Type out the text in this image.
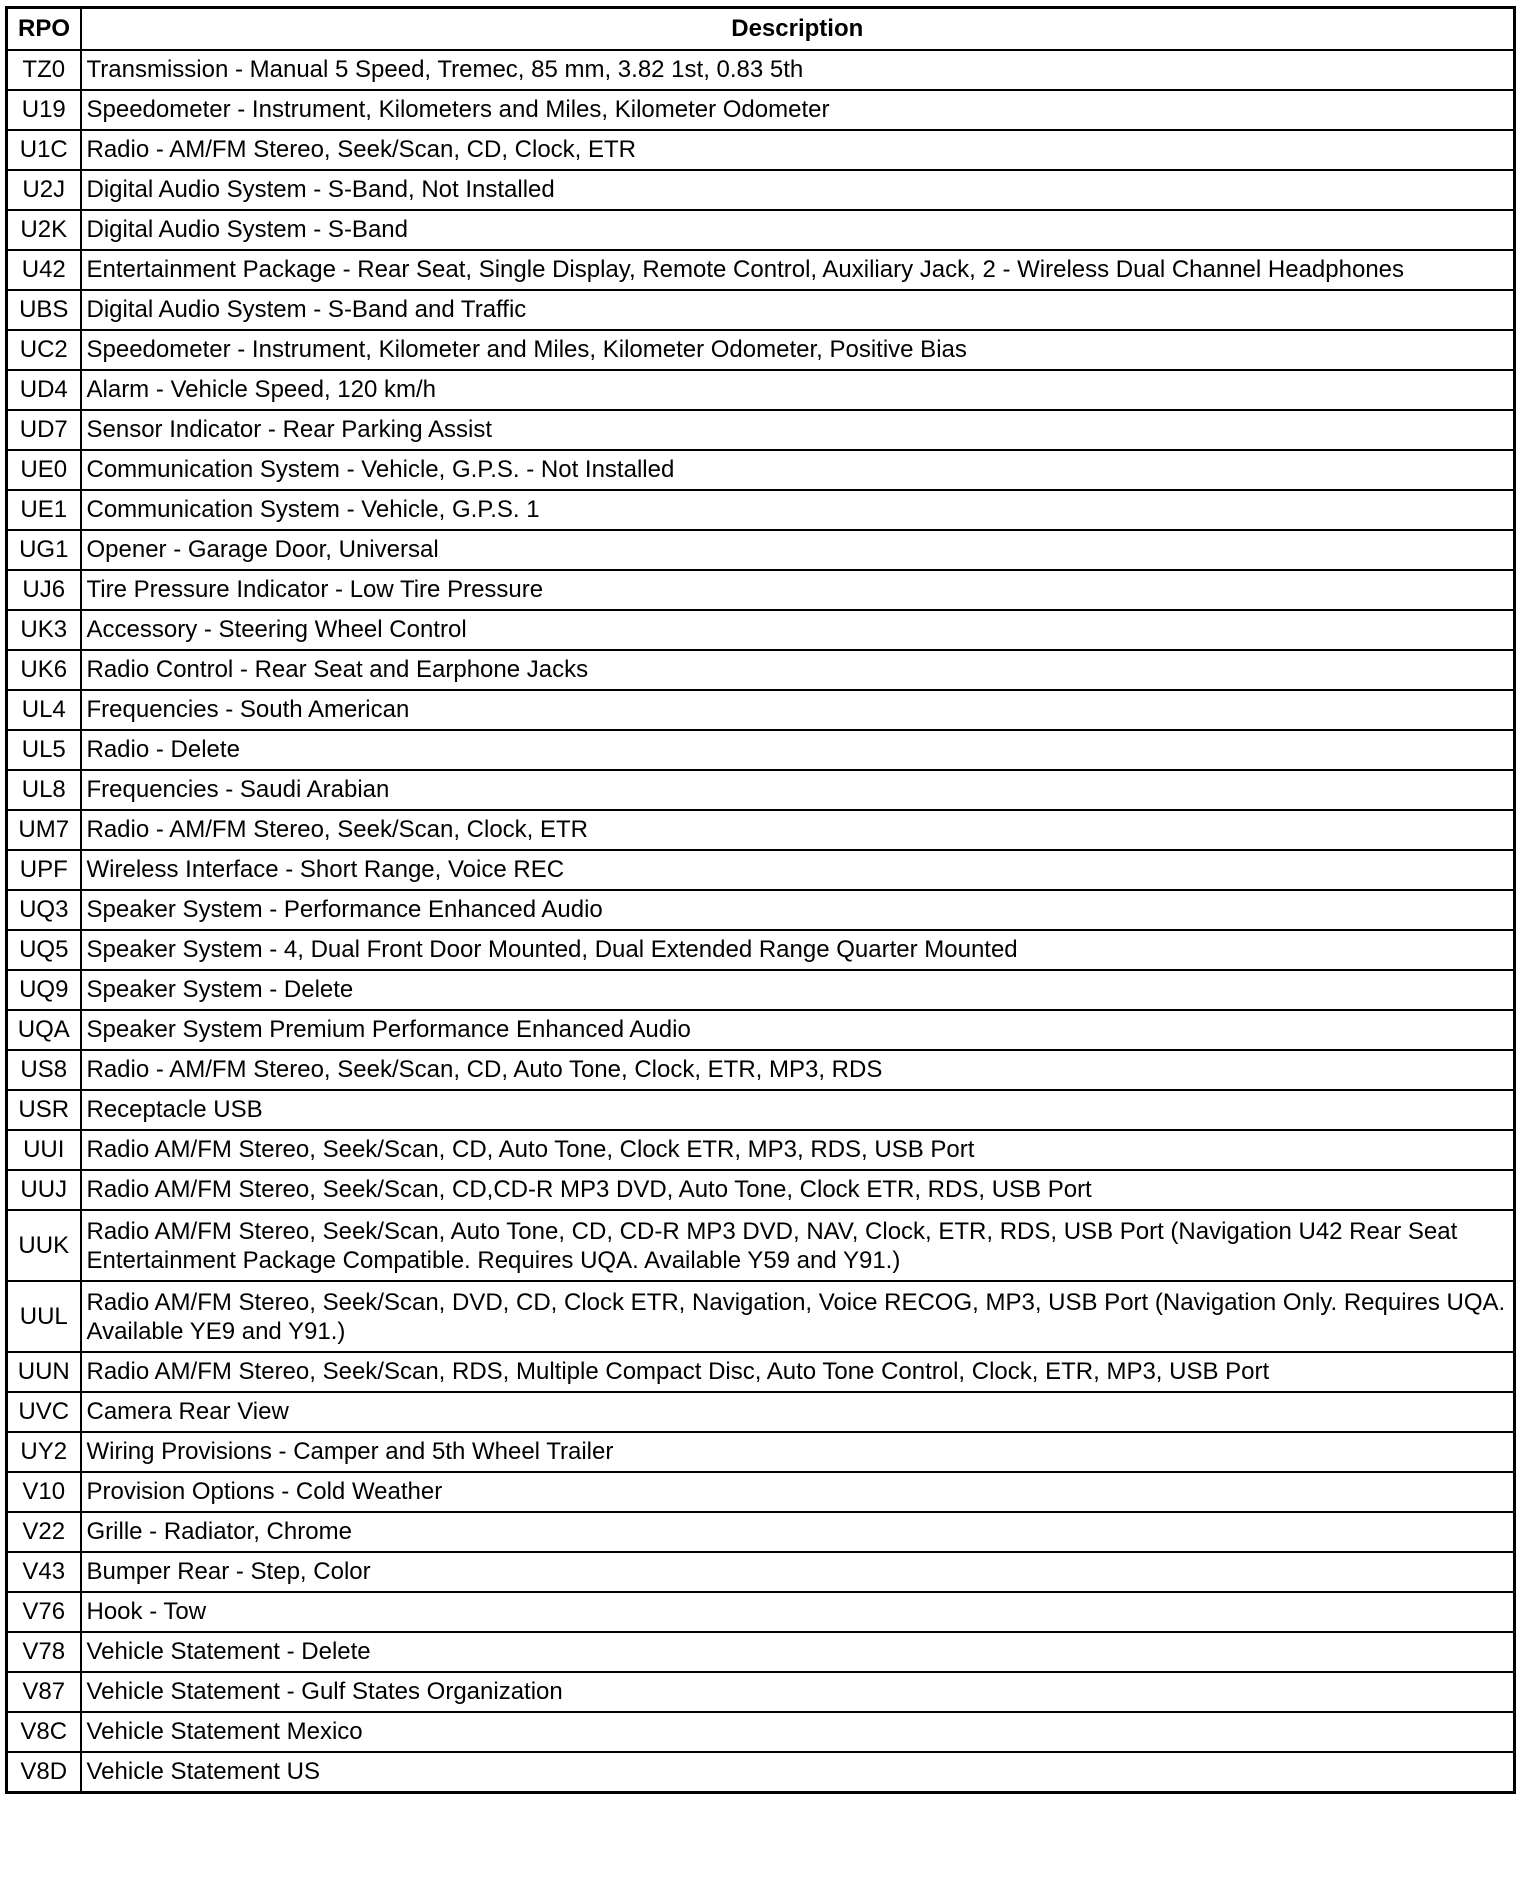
RPO	Description
TZ0	Transmission - Manual 5 Speed, Tremec, 85 mm, 3.82 1st, 0.83 5th
U19	Speedometer - Instrument, Kilometers and Miles, Kilometer Odometer
U1C	Radio - AM/FM Stereo, Seek/Scan, CD, Clock, ETR
U2J	Digital Audio System - S-Band, Not Installed
U2K	Digital Audio System - S-Band
U42	Entertainment Package - Rear Seat, Single Display, Remote Control, Auxiliary Jack, 2 - Wireless Dual Channel Headphones
UBS	Digital Audio System - S-Band and Traffic
UC2	Speedometer - Instrument, Kilometer and Miles, Kilometer Odometer, Positive Bias
UD4	Alarm - Vehicle Speed, 120 km/h
UD7	Sensor Indicator - Rear Parking Assist
UE0	Communication System - Vehicle, G.P.S. - Not Installed
UE1	Communication System - Vehicle, G.P.S. 1
UG1	Opener - Garage Door, Universal
UJ6	Tire Pressure Indicator - Low Tire Pressure
UK3	Accessory - Steering Wheel Control
UK6	Radio Control - Rear Seat and Earphone Jacks
UL4	Frequencies - South American
UL5	Radio - Delete
UL8	Frequencies - Saudi Arabian
UM7	Radio - AM/FM Stereo, Seek/Scan, Clock, ETR
UPF	Wireless Interface - Short Range, Voice REC
UQ3	Speaker System - Performance Enhanced Audio
UQ5	Speaker System - 4, Dual Front Door Mounted, Dual Extended Range Quarter Mounted
UQ9	Speaker System - Delete
UQA	Speaker System Premium Performance Enhanced Audio
US8	Radio - AM/FM Stereo, Seek/Scan, CD, Auto Tone, Clock, ETR, MP3, RDS
USR	Receptacle USB
UUI	Radio AM/FM Stereo, Seek/Scan, CD, Auto Tone, Clock ETR, MP3, RDS, USB Port
UUJ	Radio AM/FM Stereo, Seek/Scan, CD,CD-R MP3 DVD, Auto Tone, Clock ETR, RDS, USB Port
UUK	Radio AM/FM Stereo, Seek/Scan, Auto Tone, CD, CD-R MP3 DVD, NAV, Clock, ETR, RDS, USB Port (Navigation U42 Rear Seat Entertainment Package Compatible. Requires UQA. Available Y59 and Y91.)
UUL	Radio AM/FM Stereo, Seek/Scan, DVD, CD, Clock ETR, Navigation, Voice RECOG, MP3, USB Port (Navigation Only. Requires UQA. Available YE9 and Y91.)
UUN	Radio AM/FM Stereo, Seek/Scan, RDS, Multiple Compact Disc, Auto Tone Control, Clock, ETR, MP3, USB Port
UVC	Camera Rear View
UY2	Wiring Provisions - Camper and 5th Wheel Trailer
V10	Provision Options - Cold Weather
V22	Grille - Radiator, Chrome
V43	Bumper Rear - Step, Color
V76	Hook - Tow
V78	Vehicle Statement - Delete
V87	Vehicle Statement - Gulf States Organization
V8C	Vehicle Statement Mexico
V8D	Vehicle Statement US
